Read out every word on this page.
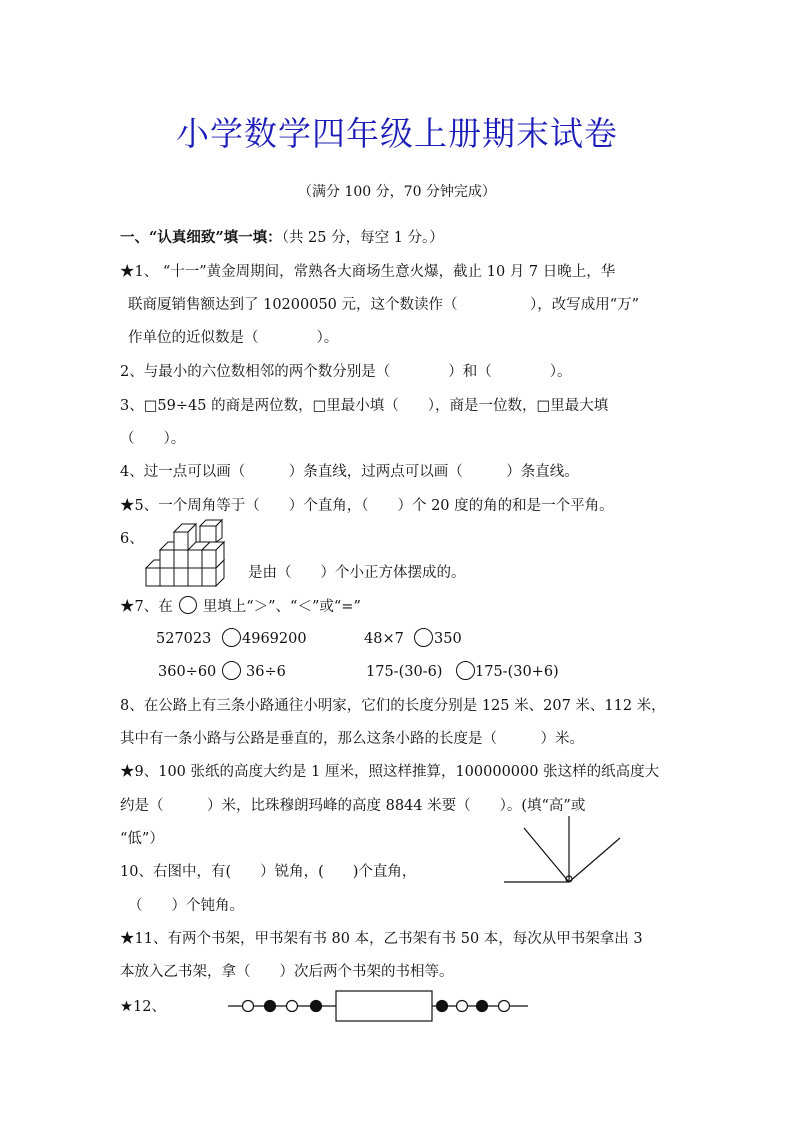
小学数学四年级上册期末试卷
（满分 100 分，70 分钟完成）
一、“认真细致”填一填：（共 25 分，每空 1 分。）
★1、 “十一”黄金周期间，常熟各大商场生意火爆，截止 10 月 7 日晚上，华
联商厦销售额达到了 10200050 元，这个数读作（　　　　　），改写成用“万”
作单位的近似数是（　　　　）。
2、与最小的六位数相邻的两个数分别是（　　　　）和（　　　　）。
3、□59÷45 的商是两位数，□里最小填（　　），商是一位数，□里最大填
（　　）。
4、过一点可以画（　　　）条直线，过两点可以画（　　　）条直线。
★5、一个周角等于（　　）个直角，（　　）个 20 度的角的和是一个平角。
6、
是由（　　）个小正方体摆成的。
★7、在 里填上“＞”、“＜”或“=”
527023 4969200	48×7 350
360÷60 36÷6	175-(30-6) 175-(30+6)
8、在公路上有三条小路通往小明家，它们的长度分别是 125 米、207 米、112 米，
其中有一条小路与公路是垂直的，那么这条小路的长度是（　　　）米。
★9、100 张纸的高度大约是 1 厘米，照这样推算，100000000 张这样的纸高度大
约是（　　　）米，比珠穆朗玛峰的高度 8844 米要（　　）。(填“高”或
“低”）
10、右图中，有(　　）锐角，(　　)个直角，
（　　）个钝角。
★11、有两个书架，甲书架有书 80 本，乙书架有书 50 本，每次从甲书架拿出 3
本放入乙书架，拿（　　）次后两个书架的书相等。
★12、
